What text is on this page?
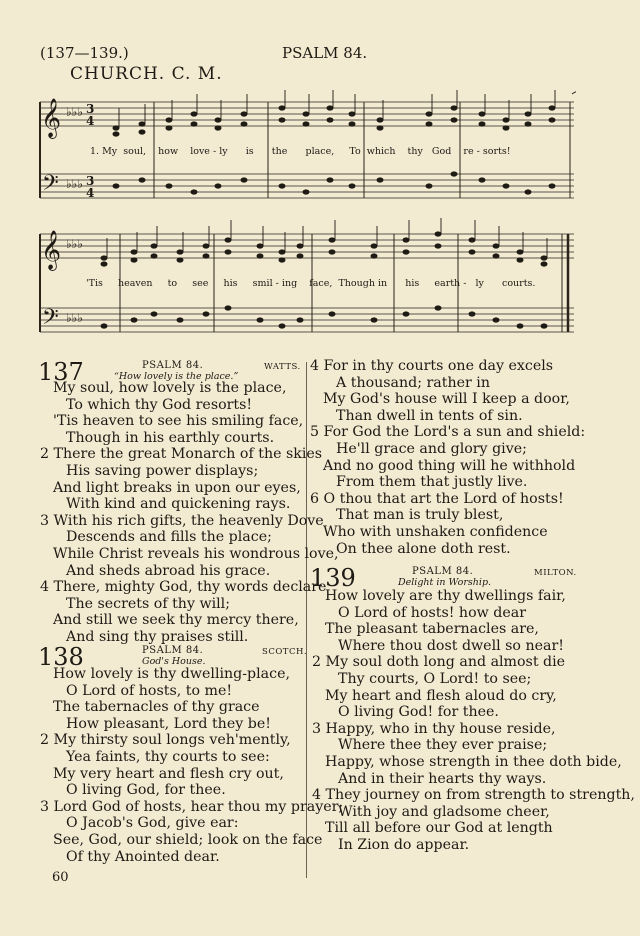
(137—139.)	PSALM 84.
CHURCH. C. M.
𝄞
𝄢
♭♭♭
♭♭♭
3
4
3
4
1. My soul, how love - ly is the place, To which thy God re - sorts!
𝄞
𝄢
♭♭♭
♭♭♭
'Tis heaven to see his smil - ing face, Though in his earth - ly courts.
137	PSALM 84.
“How lovely is the place.”
WATTS.
My soul, how lovely is the place,
To which thy God resorts!
'Tis heaven to see his smiling face,
Though in his earthly courts.
2 There the great Monarch of the skies
His saving power displays;
And light breaks in upon our eyes,
With kind and quickening rays.
3 With his rich gifts, the heavenly Dove
Descends and fills the place;
While Christ reveals his wondrous love,
And sheds abroad his grace.
4 There, mighty God, thy words declare
The secrets of thy will;
And still we seek thy mercy there,
And sing thy praises still.
138	PSALM 84.
God's House.
SCOTCH.
How lovely is thy dwelling-place,
O Lord of hosts, to me!
The tabernacles of thy grace
How pleasant, Lord they be!
2 My thirsty soul longs veh'mently,
Yea faints, thy courts to see:
My very heart and flesh cry out,
O living God, for thee.
3 Lord God of hosts, hear thou my prayer;
O Jacob's God, give ear:
See, God, our shield; look on the face
Of thy Anointed dear.
4 For in thy courts one day excels
A thousand; rather in
My God's house will I keep a door,
Than dwell in tents of sin.
5 For God the Lord's a sun and shield:
He'll grace and glory give;
And no good thing will he withhold
From them that justly live.
6 O thou that art the Lord of hosts!
That man is truly blest,
Who with unshaken confidence
On thee alone doth rest.
139	PSALM 84.
Delight in Worship.
MILTON.
How lovely are thy dwellings fair,
O Lord of hosts! how dear
The pleasant tabernacles are,
Where thou dost dwell so near!
2 My soul doth long and almost die
Thy courts, O Lord! to see;
My heart and flesh aloud do cry,
O living God! for thee.
3 Happy, who in thy house reside,
Where thee they ever praise;
Happy, whose strength in thee doth bide,
And in their hearts thy ways.
4 They journey on from strength to strength,
With joy and gladsome cheer,
Till all before our God at length
In Zion do appear.
60
